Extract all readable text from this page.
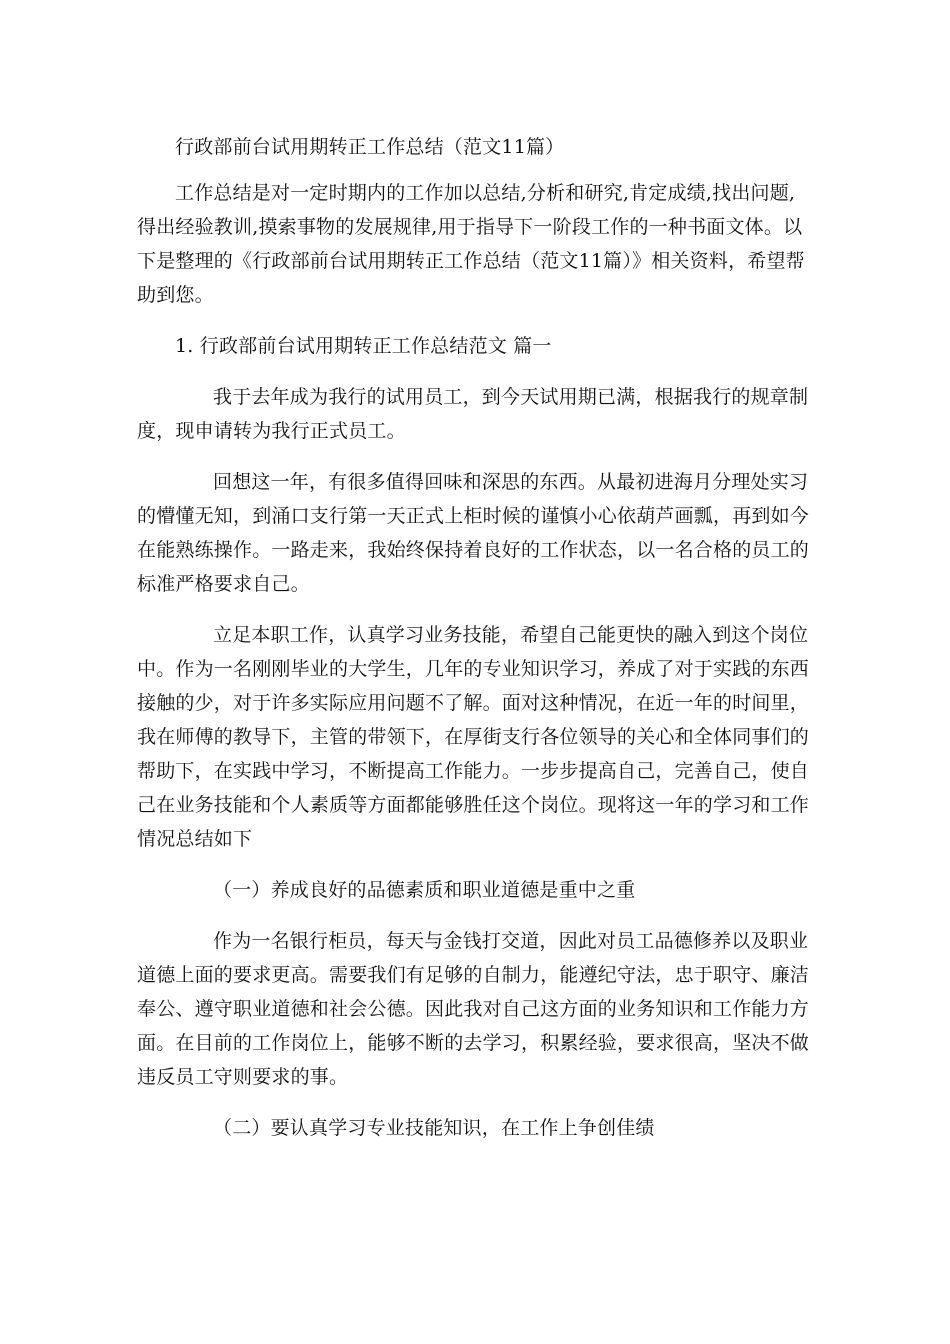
行政部前台试用期转正工作总结（范文11篇）
工作总结是对一定时期内的工作加以总结,分析和研究,肯定成绩,找出问题,
得出经验教训,摸索事物的发展规律,用于指导下一阶段工作的一种书面文体。以
下是整理的《行政部前台试用期转正工作总结（范文11篇）》相关资料，希望帮
助到您。
1. 行政部前台试用期转正工作总结范文 篇一
我于去年成为我行的试用员工，到今天试用期已满，根据我行的规章制
度，现申请转为我行正式员工。
回想这一年，有很多值得回味和深思的东西。从最初进海月分理处实习
的懵懂无知，到涌口支行第一天正式上柜时候的谨慎小心依葫芦画瓢，再到如今
在能熟练操作。一路走来，我始终保持着良好的工作状态，以一名合格的员工的
标准严格要求自己。
立足本职工作，认真学习业务技能，希望自己能更快的融入到这个岗位
中。作为一名刚刚毕业的大学生，几年的专业知识学习，养成了对于实践的东西
接触的少，对于许多实际应用问题不了解。面对这种情况，在近一年的时间里，
我在师傅的教导下，主管的带领下，在厚街支行各位领导的关心和全体同事们的
帮助下，在实践中学习，不断提高工作能力。一步步提高自己，完善自己，使自
己在业务技能和个人素质等方面都能够胜任这个岗位。现将这一年的学习和工作
情况总结如下
（一）养成良好的品德素质和职业道德是重中之重
作为一名银行柜员，每天与金钱打交道，因此对员工品德修养以及职业
道德上面的要求更高。需要我们有足够的自制力，能遵纪守法，忠于职守、廉洁
奉公、遵守职业道德和社会公德。因此我对自己这方面的业务知识和工作能力方
面。在目前的工作岗位上，能够不断的去学习，积累经验，要求很高，坚决不做
违反员工守则要求的事。
（二）要认真学习专业技能知识，在工作上争创佳绩
